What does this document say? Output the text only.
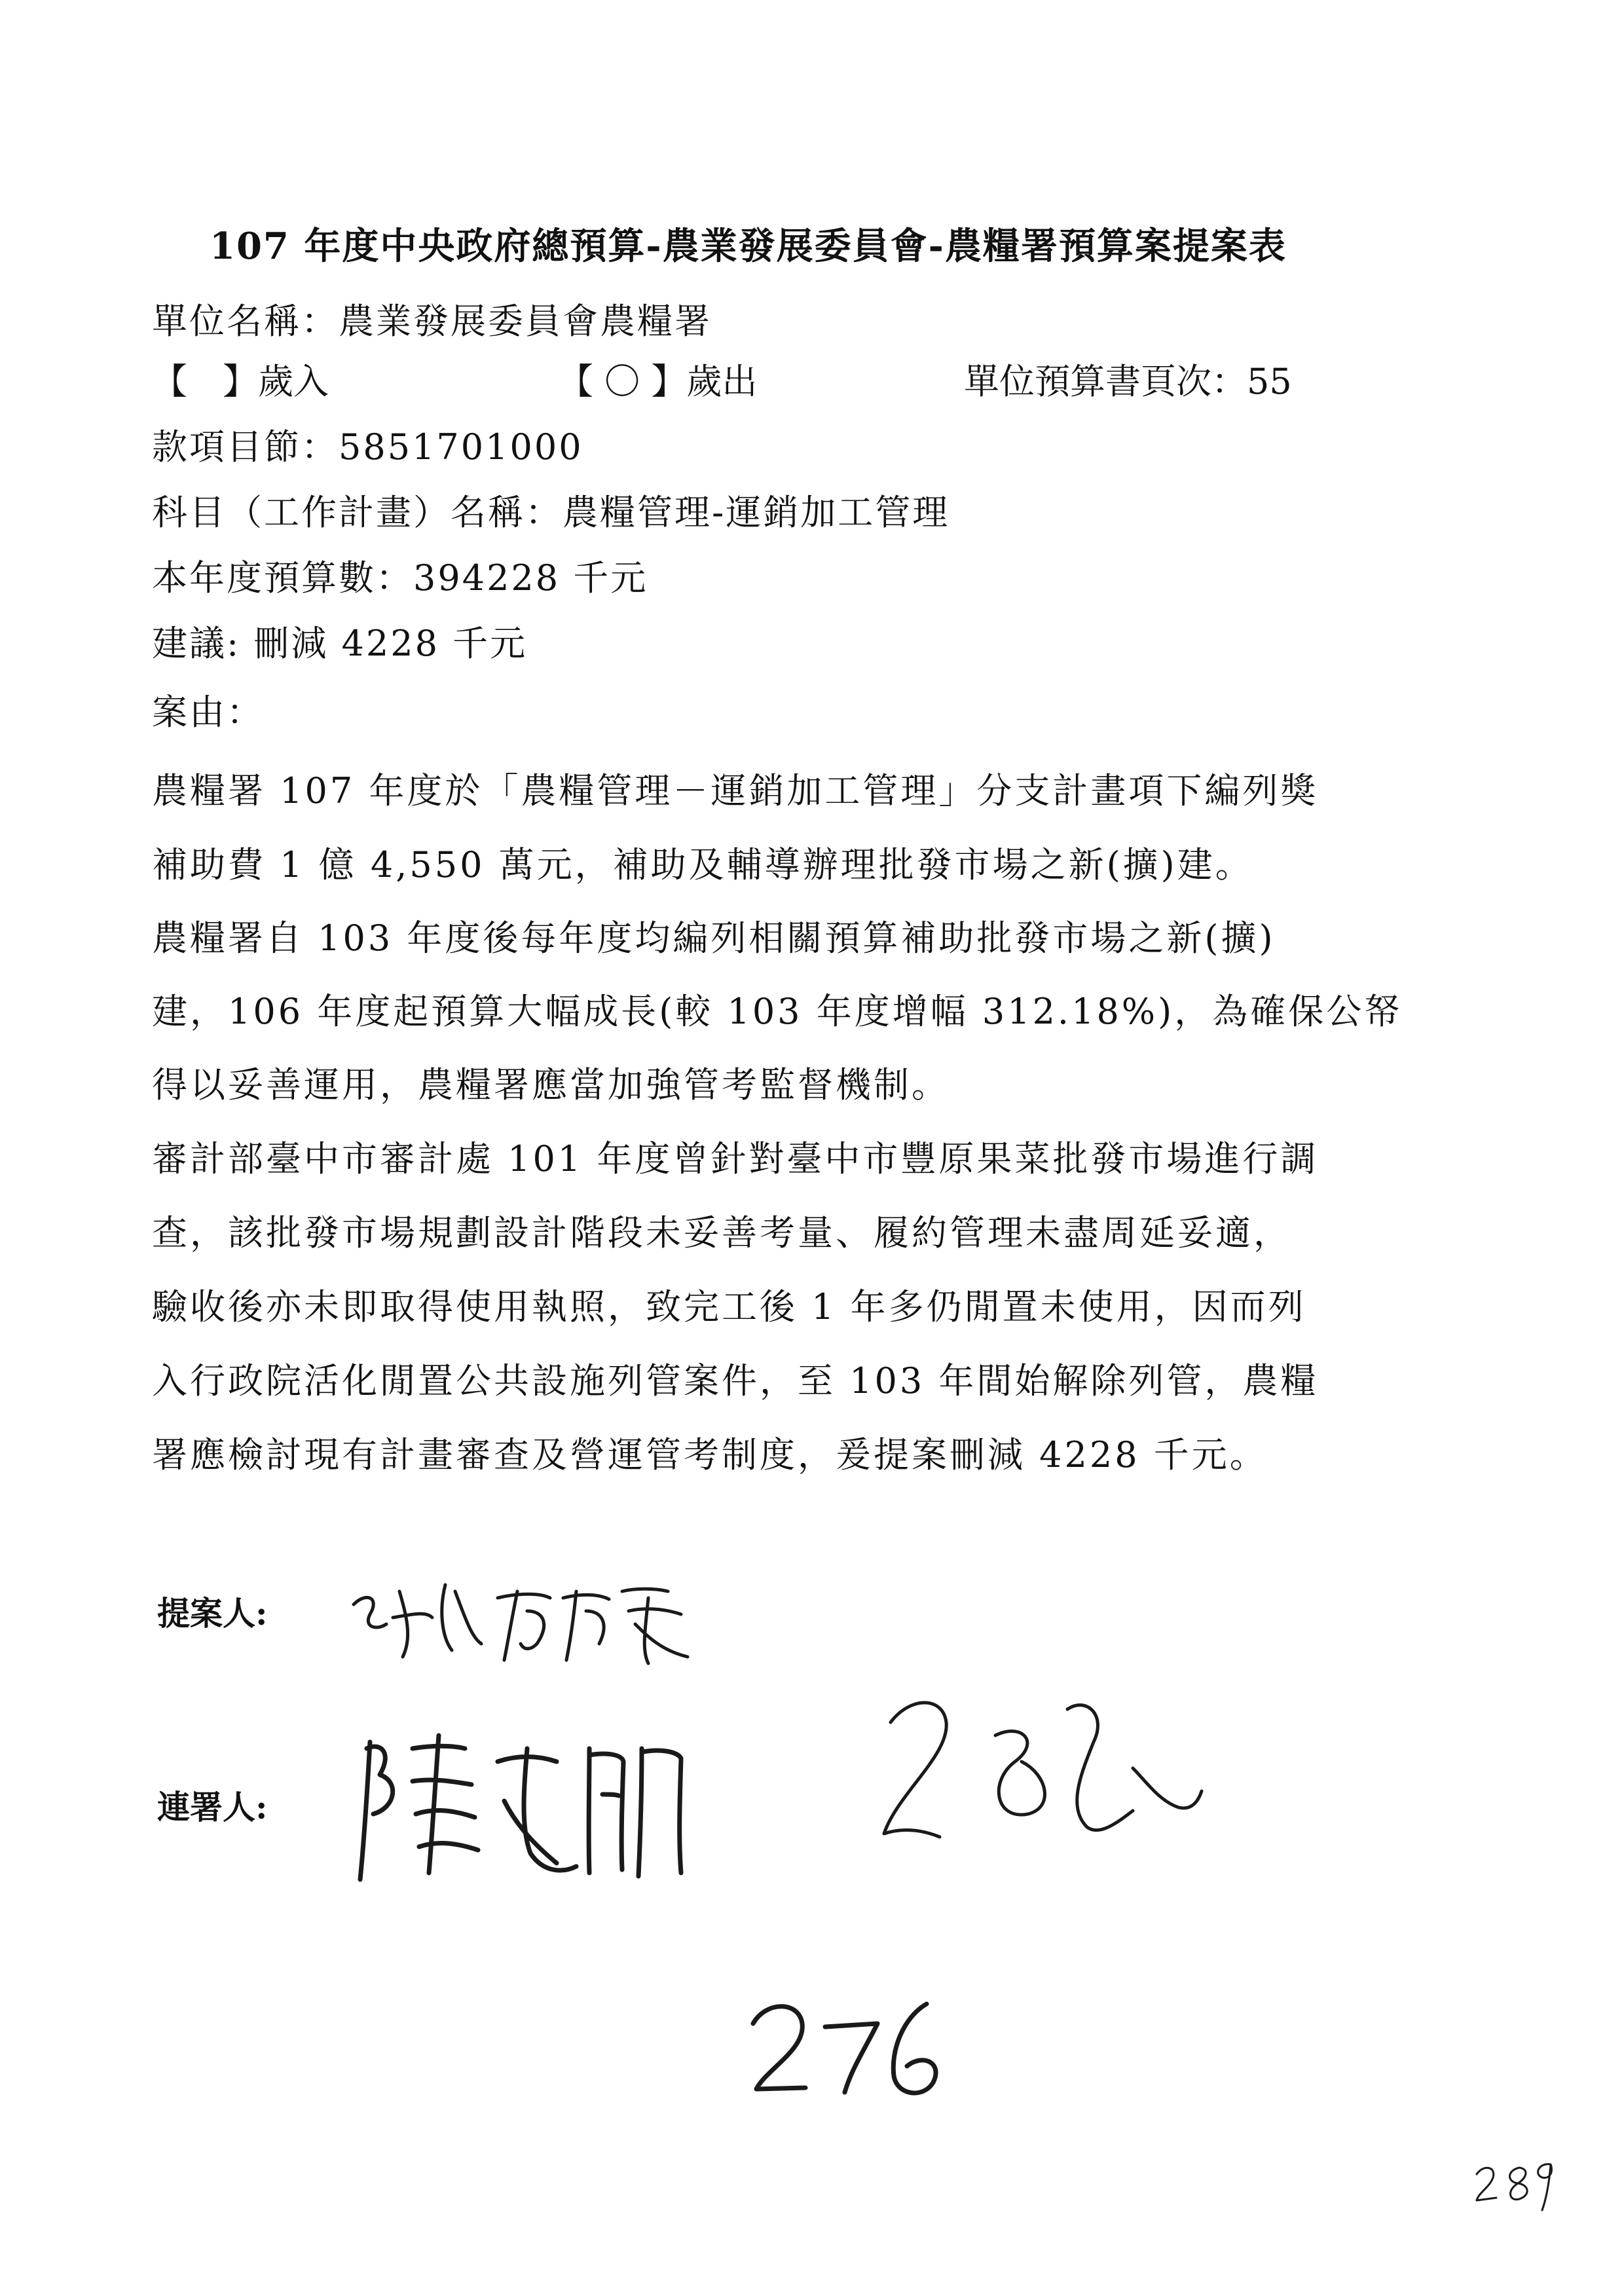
107 年度中央政府總預算-農業發展委員會-農糧署預算案提案表
單位名稱：農業發展委員會農糧署
【　】歲入	【 〇 】歲出	單位預算書頁次：55
款項目節：5851701000
科目（工作計畫）名稱：農糧管理-運銷加工管理
本年度預算數：394228 千元
建議: 刪減 4228 千元
案由：
農糧署 107 年度於「農糧管理－運銷加工管理」分支計畫項下編列獎
補助費 1 億 4,550 萬元，補助及輔導辦理批發市場之新(擴)建。
農糧署自 103 年度後每年度均編列相關預算補助批發市場之新(擴)
建，106 年度起預算大幅成長(較 103 年度增幅 312.18%)，為確保公帑
得以妥善運用，農糧署應當加強管考監督機制。
審計部臺中市審計處 101 年度曾針對臺中市豐原果菜批發市場進行調
查，該批發市場規劃設計階段未妥善考量、履約管理未盡周延妥適，
驗收後亦未即取得使用執照，致完工後 1 年多仍閒置未使用，因而列
入行政院活化閒置公共設施列管案件，至 103 年間始解除列管，農糧
署應檢討現有計畫審查及營運管考制度，爰提案刪減 4228 千元。
提案人:
連署人:
